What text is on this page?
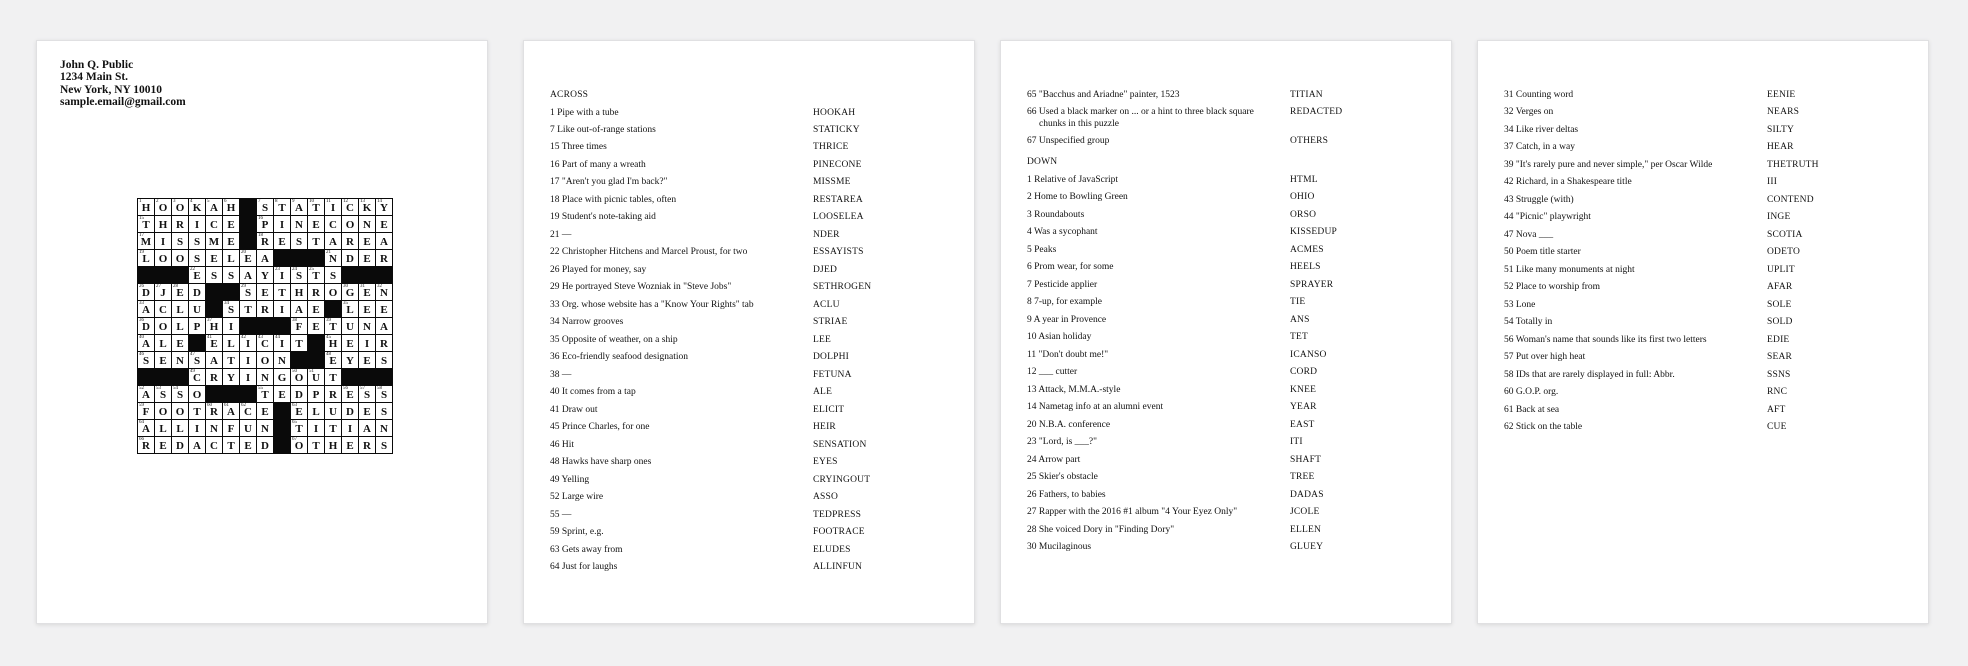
John Q. Public
1234 Main St.
New York, NY 10010
sample.email@gmail.com
1
H
2
O
3
O
4
K
5
A
6
H
7
S
8
T
9
A
10
T
11
I
12
C
13
K
14
Y
15
T H R I C E
16
P I N E C O N E
17
M I S S M E
18
R E S T A R E A
19
L O O S E L
20
E A
21
N D E R
22
E S S A Y
23
I
24
S
25
T S
26
D
27
J
28
E D
29
S E T H R O
30
G
31
E
32
N
33
A C L U
34
S T R I A E
35
L E E
36
D O L P
37
H I
38
F E
39
T U N A
40
A L E
41
E L
42
I
43
C
44
I T
45
H E I R
46
S E N
47
S A T I O N
48
E Y E S
49
C R Y I N G
50
O
51
U T
52
A
53
S
54
S O
55
T E D P R
56
E
57
S
58
S
59
F O O T
60
R
61
A
62
C E
63
E L U D E S
64
A L L I N F U N
65
T I T I A N
66
R E D A C T E D
67
O T H E R S
ACROSS
1 Pipe with a tube	HOOKAH
7 Like out-of-range stations	STATICKY
15 Three times	THRICE
16 Part of many a wreath	PINECONE
17 "Aren't you glad I'm back?"	MISSME
18 Place with picnic tables, often	RESTAREA
19 Student's note-taking aid	LOOSELEA
21 —	NDER
22 Christopher Hitchens and Marcel Proust, for two	ESSAYISTS
26 Played for money, say	DJED
29 He portrayed Steve Wozniak in "Steve Jobs"	SETHROGEN
33 Org. whose website has a "Know Your Rights" tab	ACLU
34 Narrow grooves	STRIAE
35 Opposite of weather, on a ship	LEE
36 Eco-friendly seafood designation	DOLPHI
38 —	FETUNA
40 It comes from a tap	ALE
41 Draw out	ELICIT
45 Prince Charles, for one	HEIR
46 Hit	SENSATION
48 Hawks have sharp ones	EYES
49 Yelling	CRYINGOUT
52 Large wire	ASSO
55 —	TEDPRESS
59 Sprint, e.g.	FOOTRACE
63 Gets away from	ELUDES
64 Just for laughs	ALLINFUN
65 "Bacchus and Ariadne" painter, 1523	TITIAN
66 Used a black marker on ... or a hint to three black square chunks in this puzzle
REDACTED
67 Unspecified group	OTHERS
DOWN
1 Relative of JavaScript	HTML
2 Home to Bowling Green	OHIO
3 Roundabouts	ORSO
4 Was a sycophant	KISSEDUP
5 Peaks	ACMES
6 Prom wear, for some	HEELS
7 Pesticide applier	SPRAYER
8 7-up, for example	TIE
9 A year in Provence	ANS
10 Asian holiday	TET
11 "Don't doubt me!"	ICANSO
12 ___ cutter	CORD
13 Attack, M.M.A.-style	KNEE
14 Nametag info at an alumni event	YEAR
20 N.B.A. conference	EAST
23 "Lord, is ___?"	ITI
24 Arrow part	SHAFT
25 Skier's obstacle	TREE
26 Fathers, to babies	DADAS
27 Rapper with the 2016 #1 album "4 Your Eyez Only"	JCOLE
28 She voiced Dory in "Finding Dory"	ELLEN
30 Mucilaginous	GLUEY
31 Counting word	EENIE
32 Verges on	NEARS
34 Like river deltas	SILTY
37 Catch, in a way	HEAR
39 "It's rarely pure and never simple," per Oscar Wilde	THETRUTH
42 Richard, in a Shakespeare title	III
43 Struggle (with)	CONTEND
44 "Picnic" playwright	INGE
47 Nova ___	SCOTIA
50 Poem title starter	ODETO
51 Like many monuments at night	UPLIT
52 Place to worship from	AFAR
53 Lone	SOLE
54 Totally in	SOLD
56 Woman's name that sounds like its first two letters	EDIE
57 Put over high heat	SEAR
58 IDs that are rarely displayed in full: Abbr.	SSNS
60 G.O.P. org.	RNC
61 Back at sea	AFT
62 Stick on the table	CUE
